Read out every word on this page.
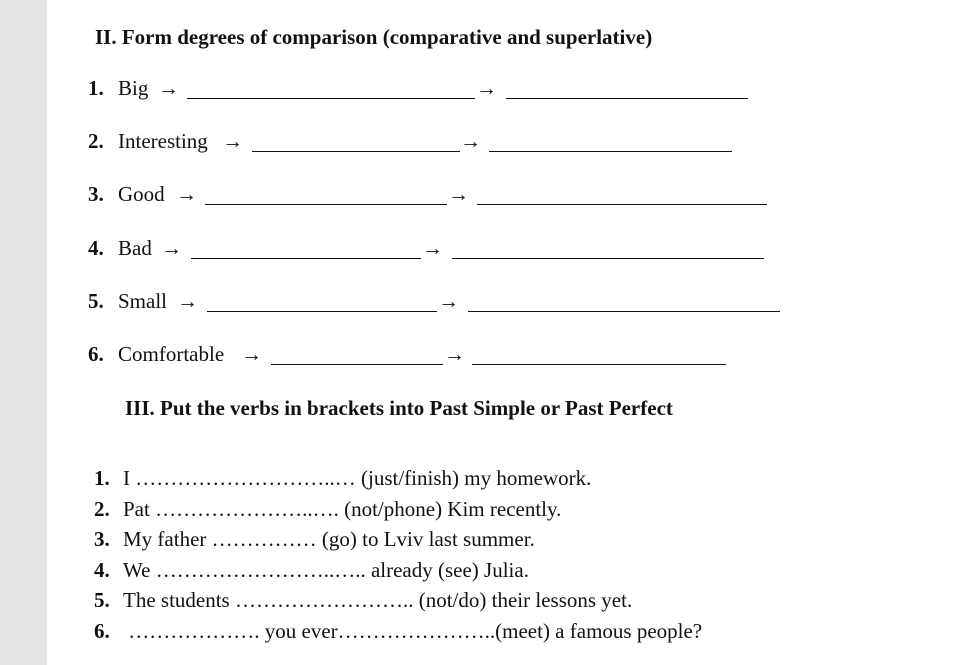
II. Form degrees of comparison (comparative and superlative)
1. Big →	→
2. Interesting →	→
3. Good →	→
4. Bad →	→
5. Small →	→
6. Comfortable →	→
III. Put the verbs in brackets into Past Simple or Past Perfect
1. I ………………………..… (just/finish) my homework.
2. Pat …………………..…. (not/phone) Kim recently.
3. My father …………… (go) to Lviv last summer.
4. We ……………………..….. already (see) Julia.
5. The students …………………….. (not/do) their lessons yet.
6. ………………. you ever…………………..(meet) a famous people?
